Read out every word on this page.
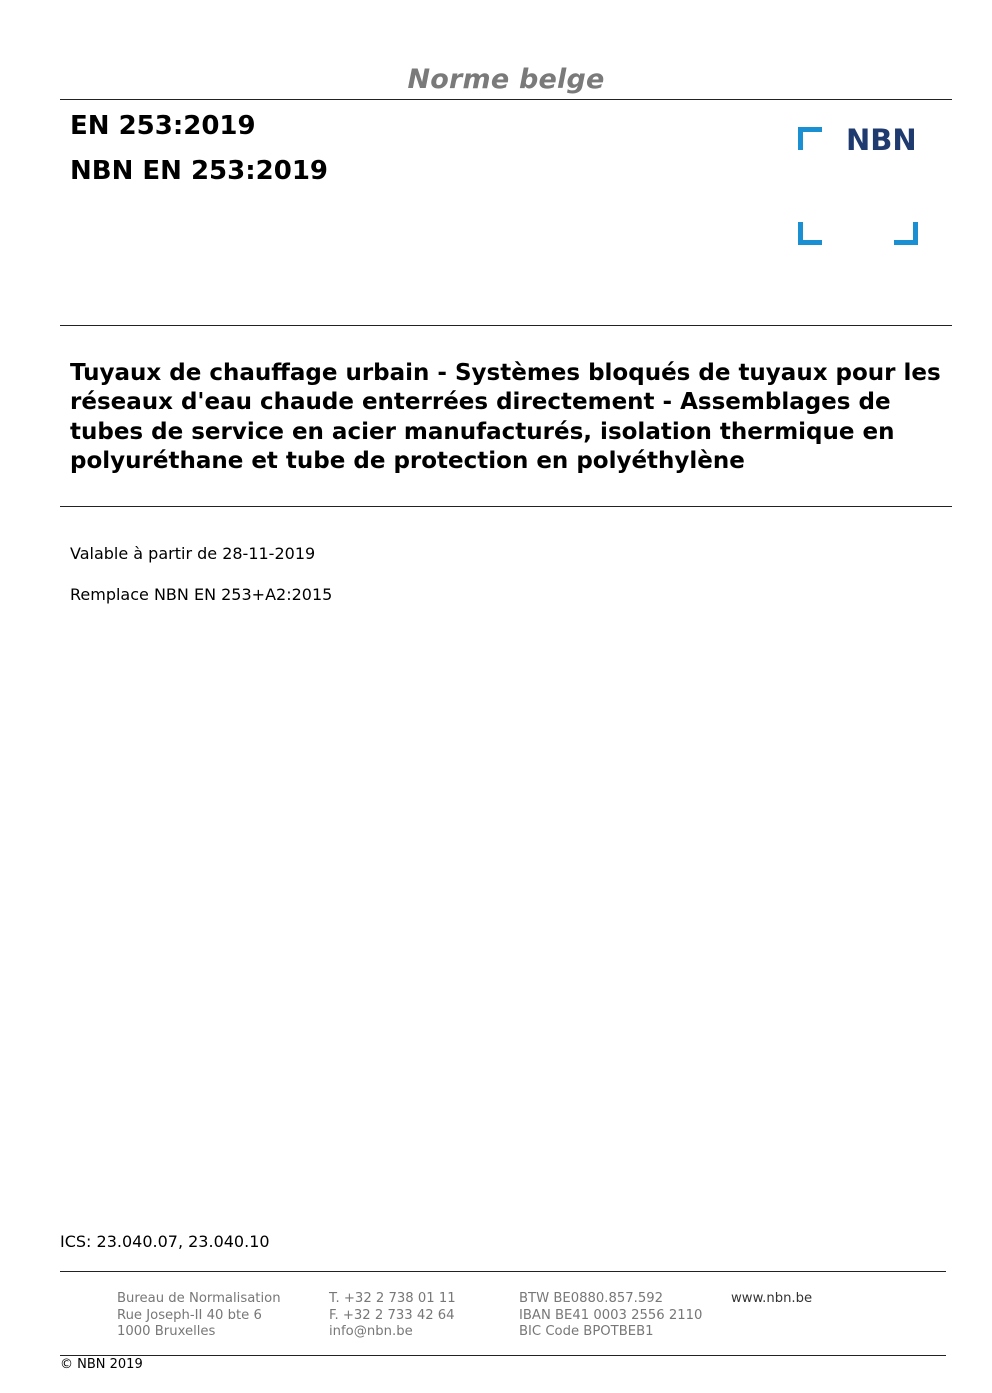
Norme belge
EN 253:2019
NBN EN 253:2019
NBN
Tuyaux de chauffage urbain - Systèmes bloqués de tuyaux pour les réseaux d'eau chaude enterrées directement - Assemblages de tubes de service en acier manufacturés, isolation thermique en polyuréthane et tube de protection en polyéthylène
Valable à partir de 28-11-2019
Remplace NBN EN 253+A2:2015
ICS: 23.040.07, 23.040.10
Bureau de Normalisation
Rue Joseph-II 40 bte 6
1000 Bruxelles
T. +32 2 738 01 11
F. +32 2 733 42 64
info@nbn.be
BTW BE0880.857.592
IBAN BE41 0003 2556 2110
BIC Code BPOTBEB1
www.nbn.be
© NBN 2019
